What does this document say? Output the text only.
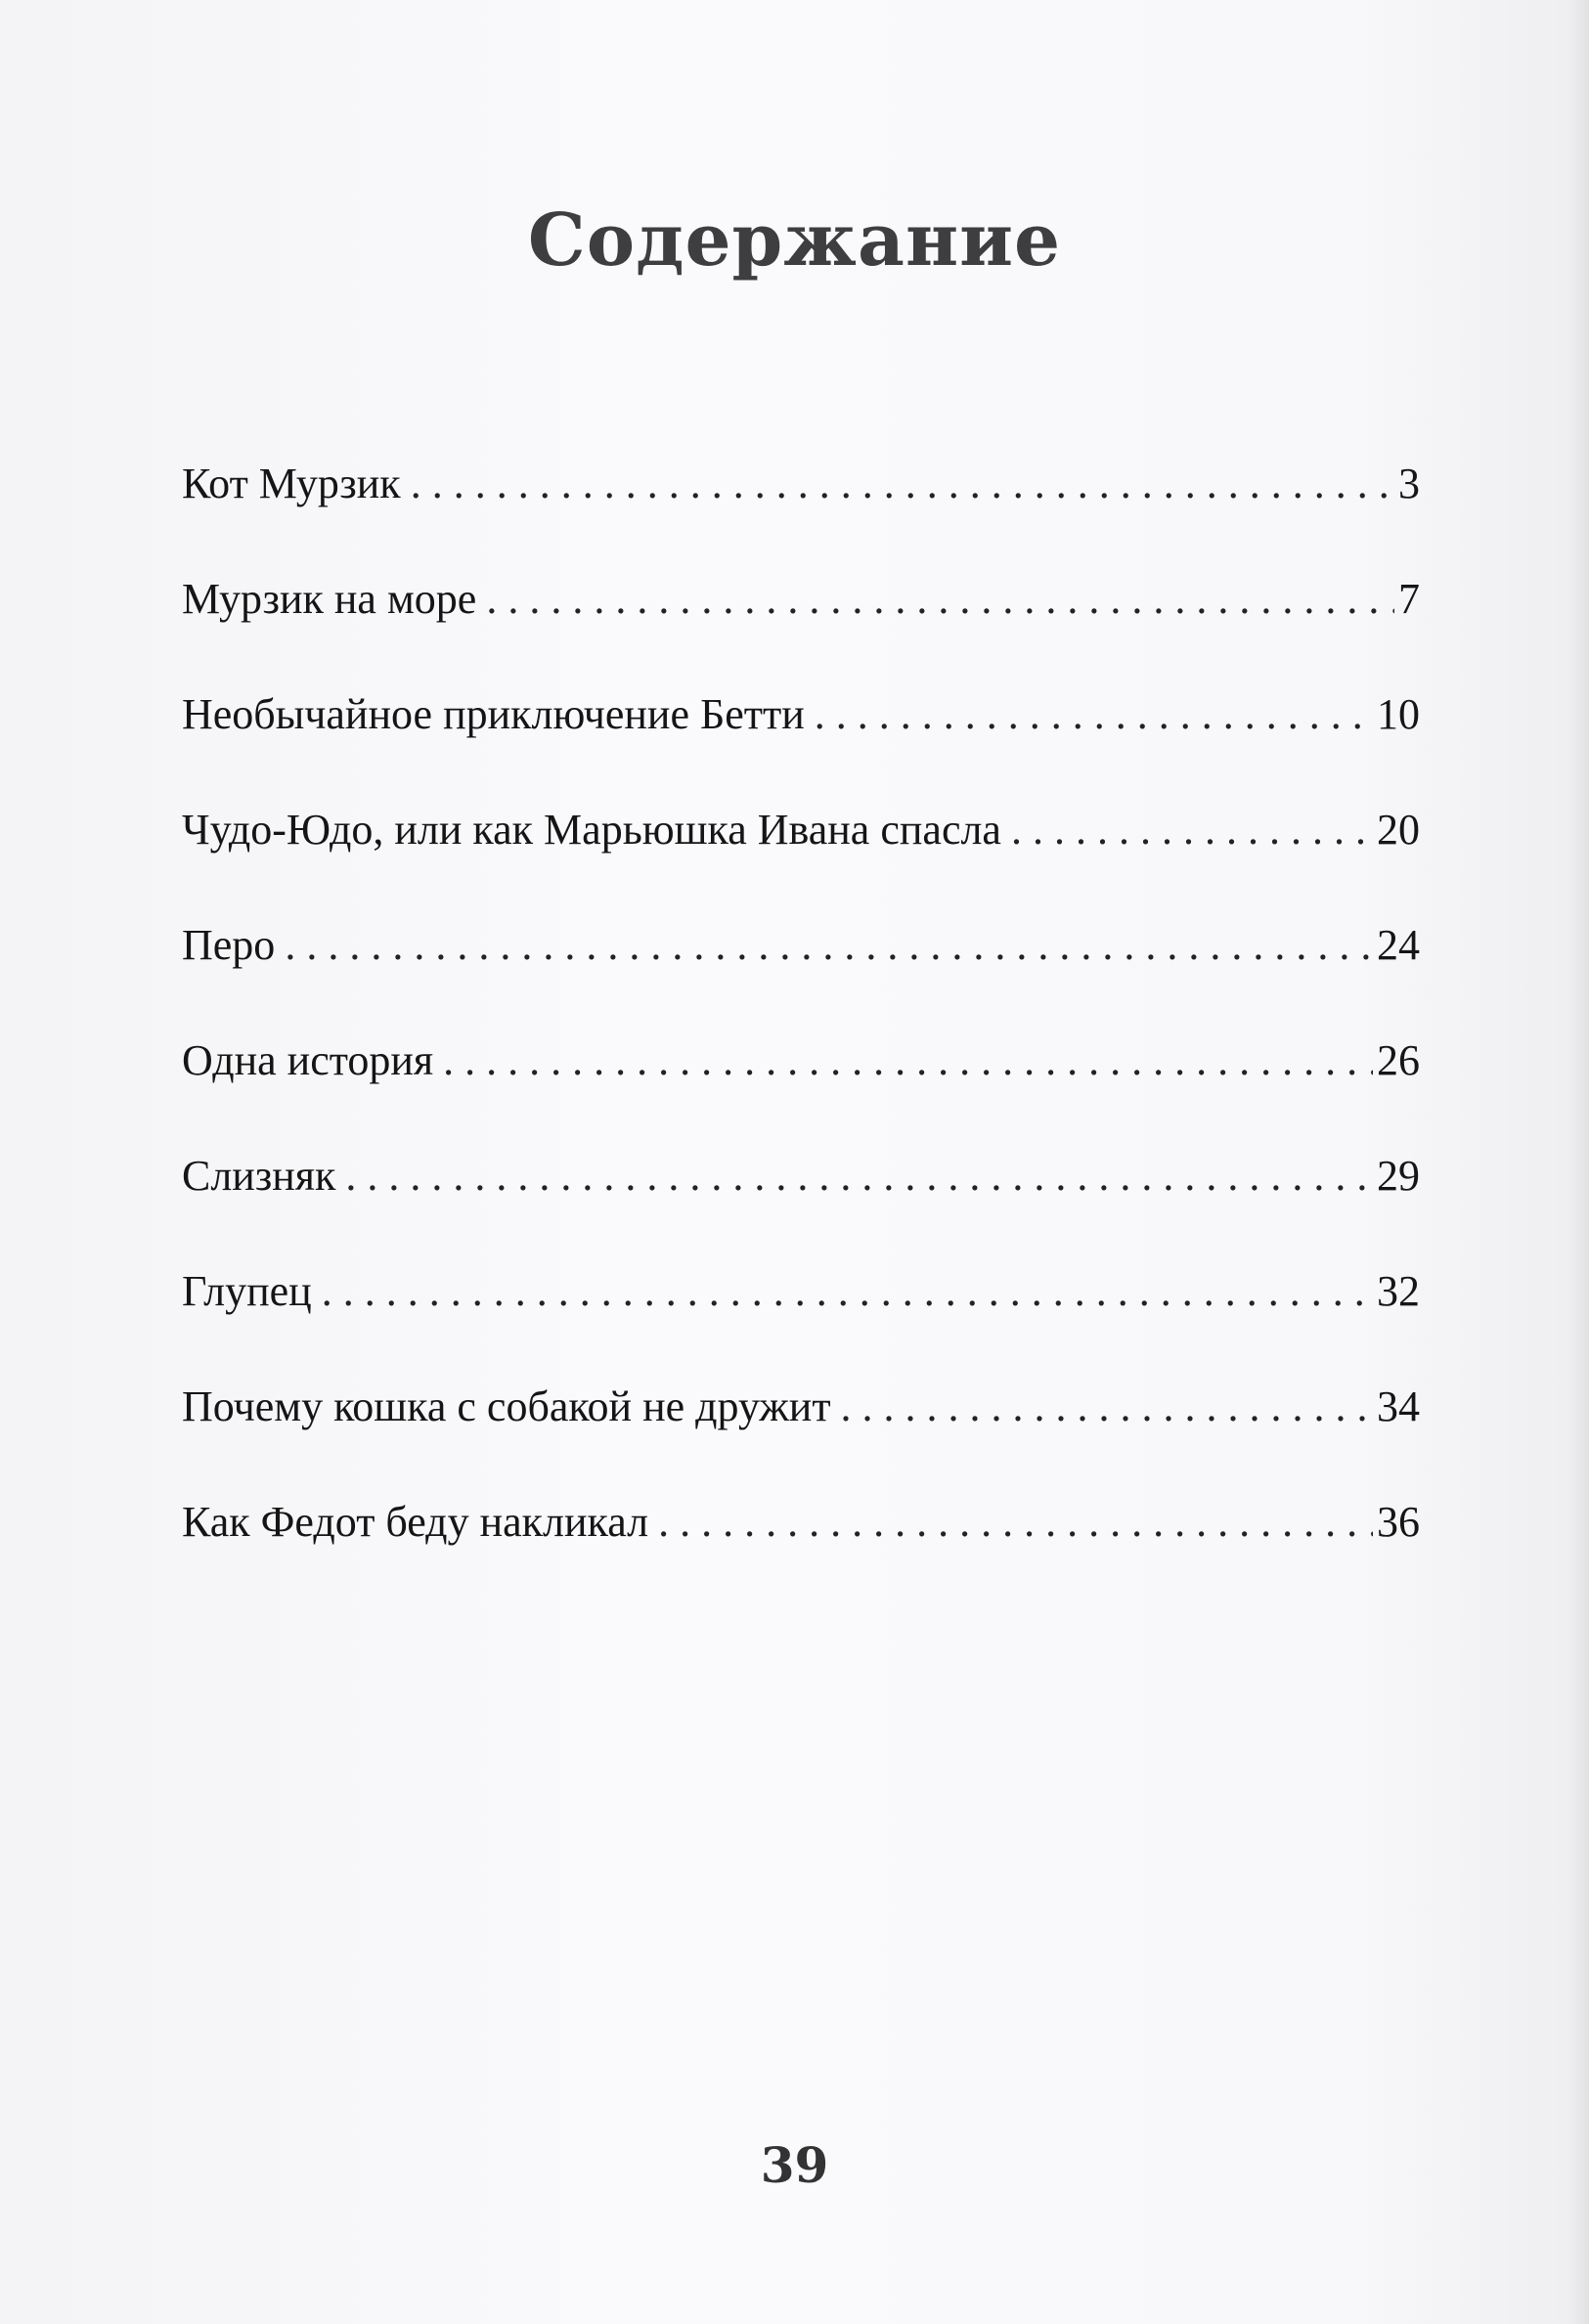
Содержание
Кот Мурзик . . .	3
Мурзик на море . . .	7
Необычайное приключение Бетти . . .	10
Чудо-Юдо, или как Марьюшка Ивана спасла . . .	20
Перо . . .	24
Одна история . . .	26
Слизняк . . .	29
Глупец . . .	32
Почему кошка с собакой не дружит . . .	34
Как Федот беду накликал . . .	36
39
